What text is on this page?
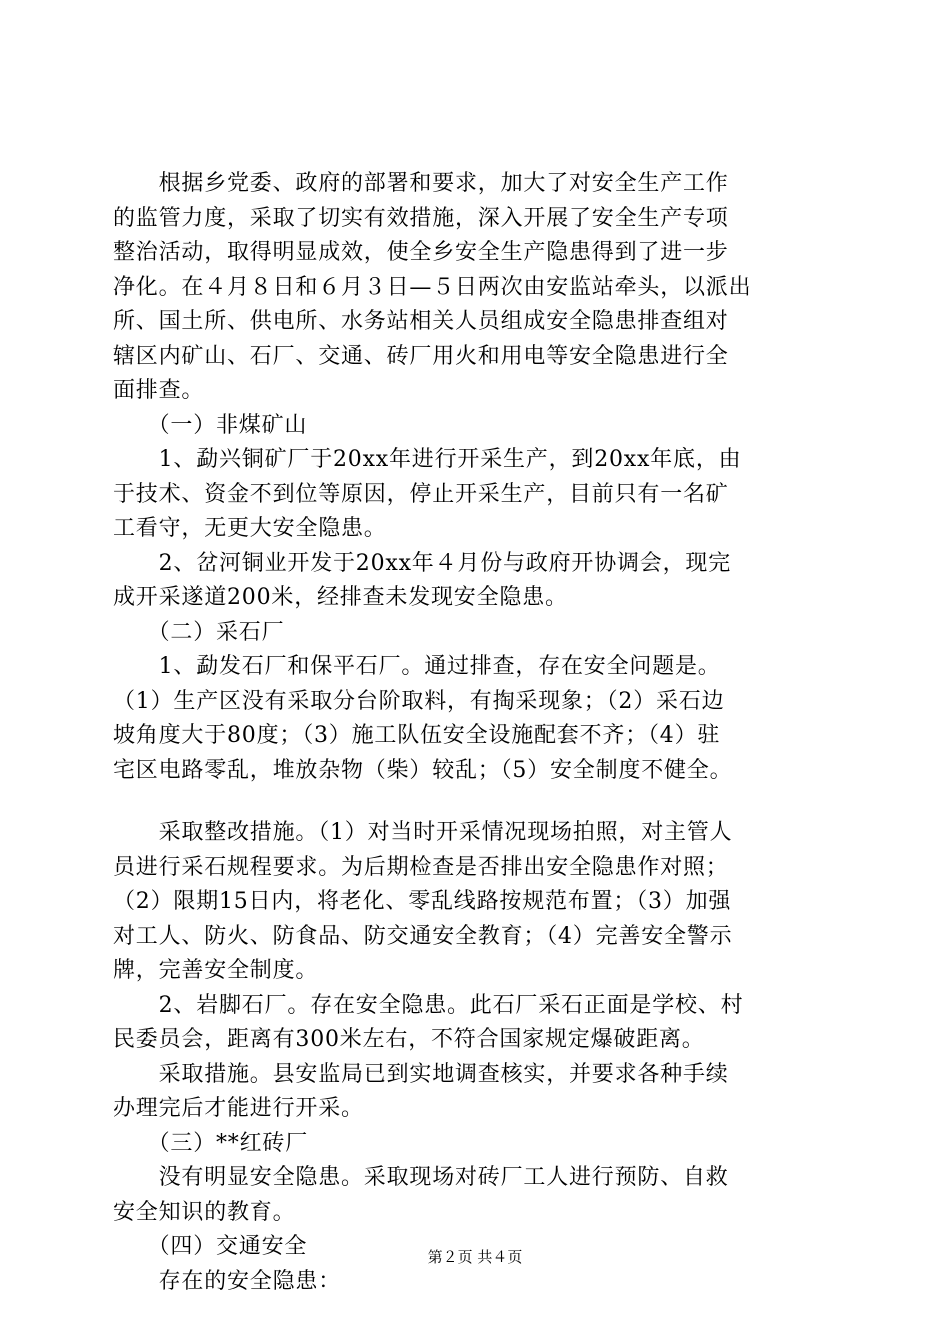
第２页 共４页
　　根据乡党委、政府的部署和要求，加大了对安全生产工作
的监管力度，采取了切实有效措施，深入开展了安全生产专项
整治活动，取得明显成效，使全乡安全生产隐患得到了进一步
净化。在４月８日和６月３日—５日两次由安监站牵头，以派出
所、国土所、供电所、水务站相关人员组成安全隐患排查组对
辖区内矿山、石厂、交通、砖厂用火和用电等安全隐患进行全
面排查。
　　（一）非煤矿山
　　1、勐兴铜矿厂于20xx年进行开采生产，到20xx年底，由
于技术、资金不到位等原因，停止开采生产，目前只有一名矿
工看守，无更大安全隐患。
　　2、岔河铜业开发于20xx年４月份与政府开协调会，现完
成开采遂道200米，经排查未发现安全隐患。
　　（二）采石厂
　　1、勐发石厂和保平石厂。通过排查，存在安全问题是。
（1）生产区没有采取分台阶取料，有掏采现象；（2）采石边
坡角度大于80度；（3）施工队伍安全设施配套不齐；（4）驻
宅区电路零乱，堆放杂物（柴）较乱；（5）安全制度不健全。
　　采取整改措施。（1）对当时开采情况现场拍照，对主管人
员进行采石规程要求。为后期检查是否排出安全隐患作对照；
（2）限期15日内，将老化、零乱线路按规范布置；（3）加强
对工人、防火、防食品、防交通安全教育；（4）完善安全警示
牌，完善安全制度。
　　2、岩脚石厂。存在安全隐患。此石厂采石正面是学校、村
民委员会，距离有300米左右，不符合国家规定爆破距离。
　　采取措施。县安监局已到实地调查核实，并要求各种手续
办理完后才能进行开采。
　　（三）**红砖厂
　　没有明显安全隐患。采取现场对砖厂工人进行预防、自救
安全知识的教育。
　　（四）交通安全
　　存在的安全隐患：
